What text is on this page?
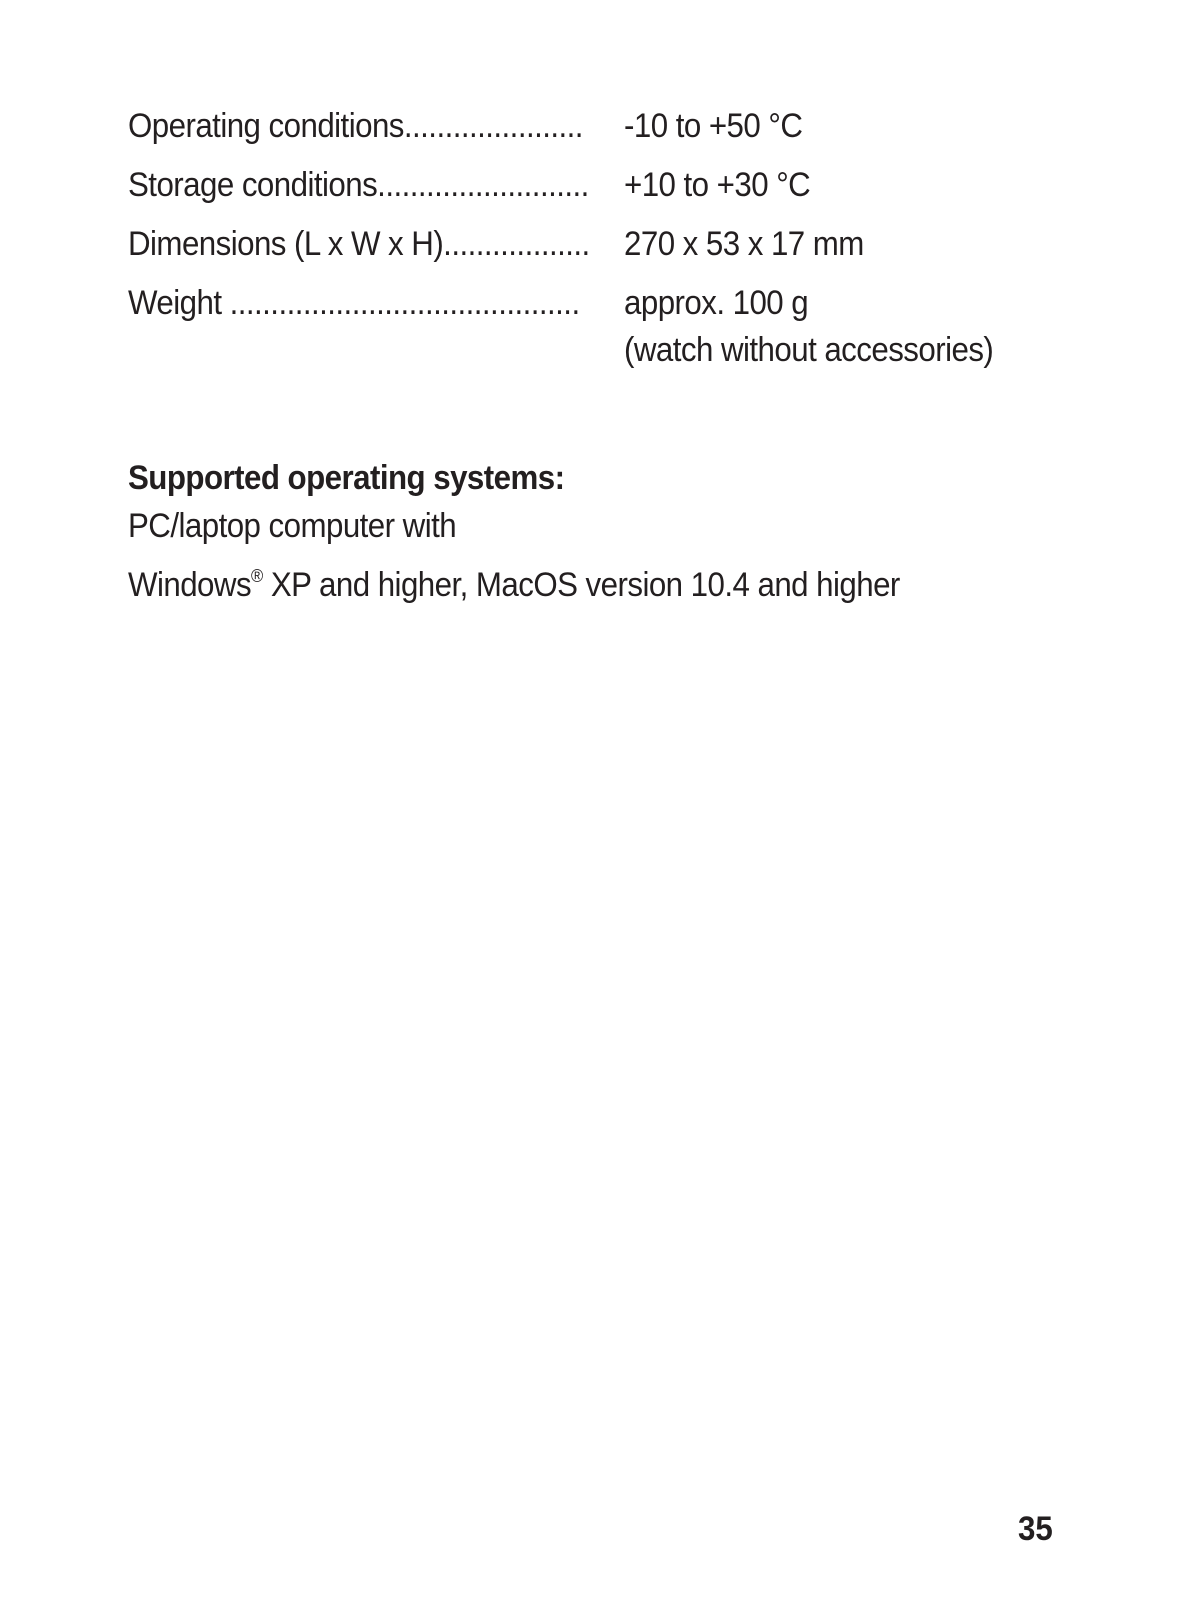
Operating conditions...................... -10 to +50 °C
Storage conditions.......................... +10 to +30 °C
Dimensions (L x W x H).................. 270 x 53 x 17 mm
Weight ........................................... approx. 100 g
(watch without accessories)
Supported operating systems:
PC/laptop computer with
Windows® XP and higher, MacOS version 10.4 and higher
35
